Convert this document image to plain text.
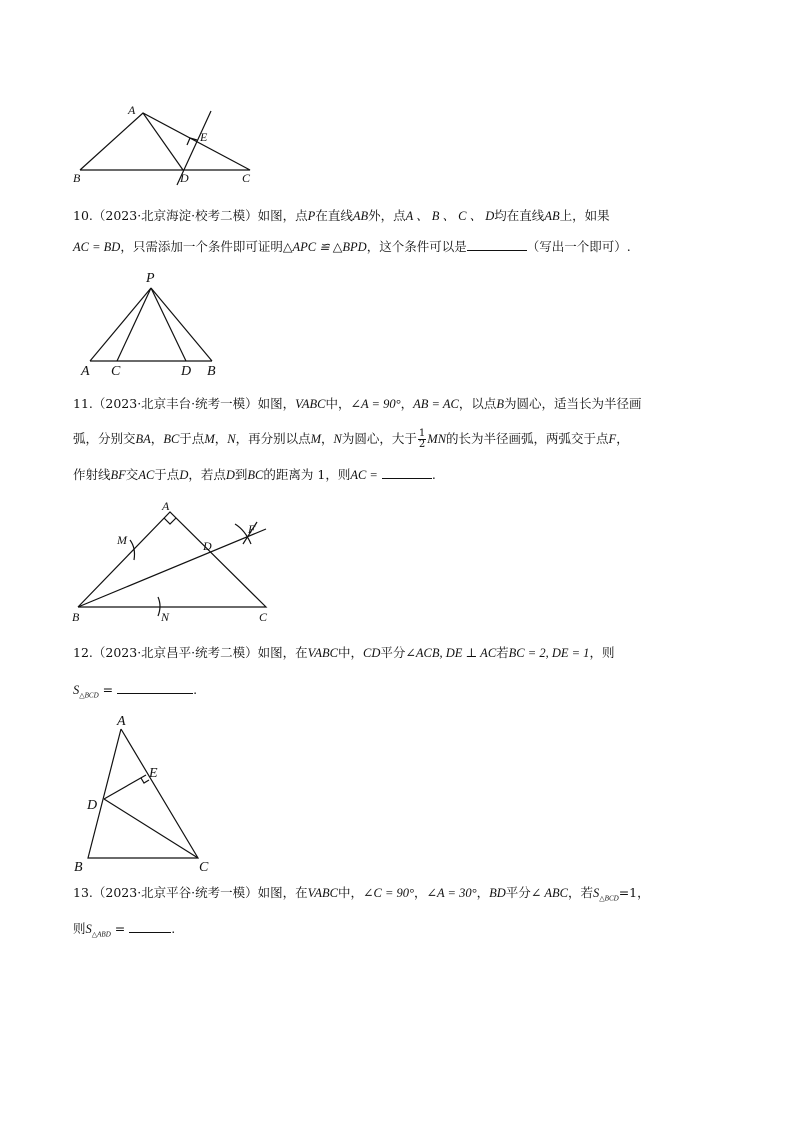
A
E
B	D	C
10.（2023·北京海淀·校考二模）如图，点P在直线AB外，点A 、 B 、 C 、 D均在直线AB上，如果
AC = BD，只需添加一个条件即可证明△APC ≌ △BPD，这个条件可以是	（写出一个即可）.
P
A C	D B
11.（2023·北京丰台·统考一模）如图，VABC中，∠A = 90°，AB = AC，以点B为圆心，适当长为半径画
弧，分别交BA，BC于点M，N，再分别以点M，N为圆心，大于 $\frac{1}{2}$ MN的长为半径画弧，两弧交于点F，
作射线BF交AC于点D，若点D到BC的距离为 1，则AC =	.
A
M	D
F
B	N	C
12.（2023·北京昌平·统考二模）如图，在VABC中，CD平分∠ACB, DE ⊥ AC若BC = 2, DE = 1，则
$S_{\triangle BCD}$ =	.
A
E
D
B	C
13.（2023·北京平谷·统考一模）如图，在VABC中，∠C = 90°，∠A = 30°，BD平分∠ ABC，若$S_{\triangle BCD}=1$，
则$S_{\triangle ABD}$ =	.
